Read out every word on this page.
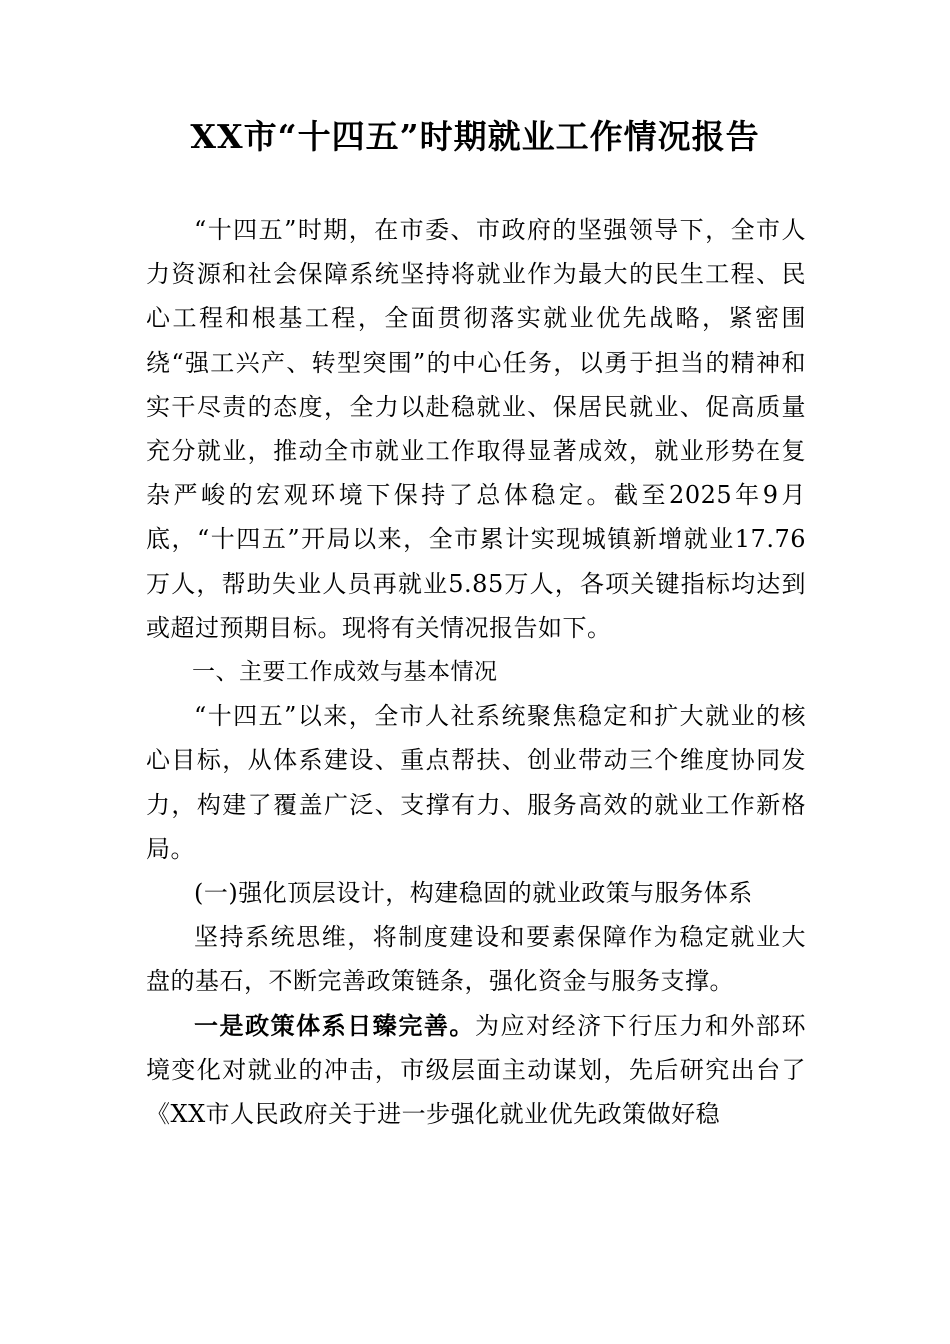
XX市“十四五”时期就业工作情况报告

“十四五”时期，在市委、市政府的坚强领导下，全市人力资源和社会保障系统坚持将就业作为最大的民生工程、民心工程和根基工程，全面贯彻落实就业优先战略，紧密围绕“强工兴产、转型突围”的中心任务，以勇于担当的精神和实干尽责的态度，全力以赴稳就业、保居民就业、促高质量充分就业，推动全市就业工作取得显著成效，就业形势在复杂严峻的宏观环境下保持了总体稳定。截至2025年9月底，“十四五”开局以来，全市累计实现城镇新增就业17.76万人，帮助失业人员再就业5.85万人，各项关键指标均达到或超过预期目标。现将有关情况报告如下。

一、主要工作成效与基本情况

“十四五”以来，全市人社系统聚焦稳定和扩大就业的核心目标，从体系建设、重点帮扶、创业带动三个维度协同发力，构建了覆盖广泛、支撑有力、服务高效的就业工作新格局。

(一)强化顶层设计，构建稳固的就业政策与服务体系

坚持系统思维，将制度建设和要素保障作为稳定就业大盘的基石，不断完善政策链条，强化资金与服务支撑。

一是政策体系日臻完善。为应对经济下行压力和外部环境变化对就业的冲击，市级层面主动谋划，先后研究出台了《XX市人民政府关于进一步强化就业优先政策做好稳
